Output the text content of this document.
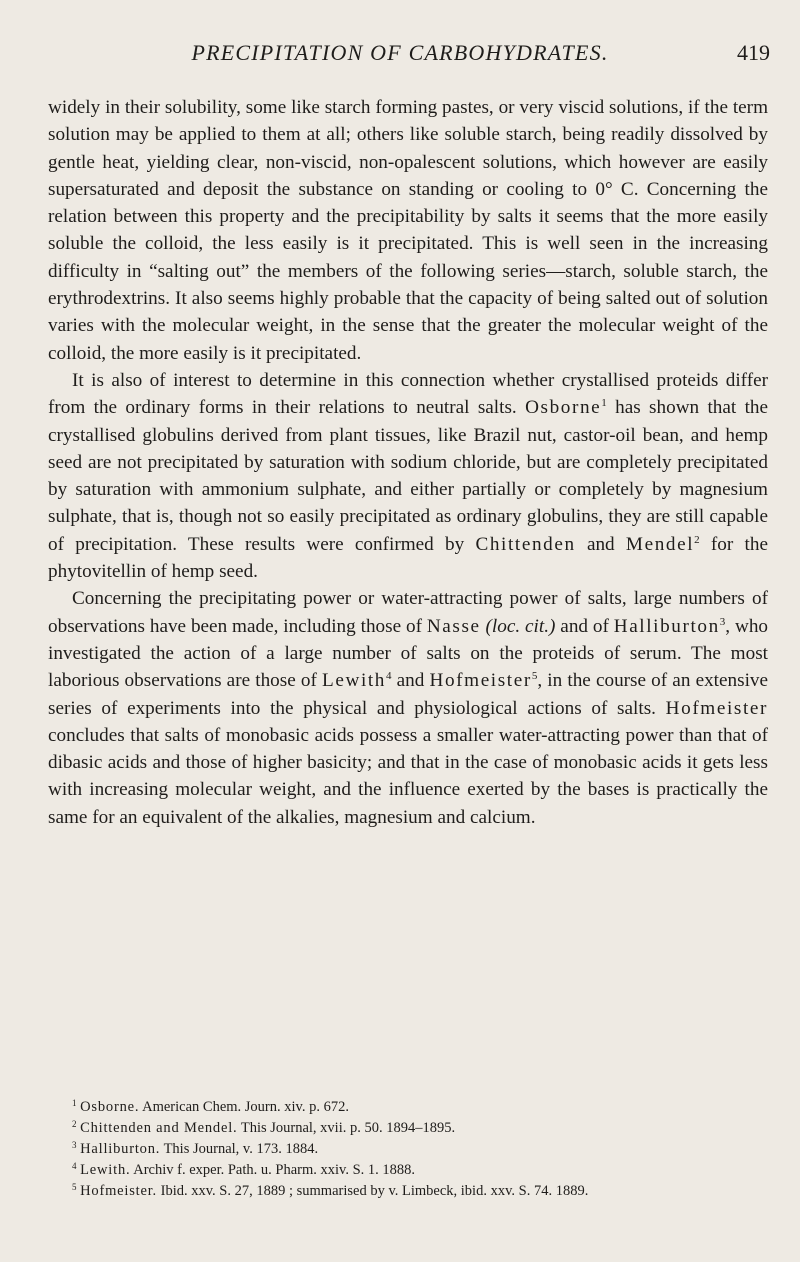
PRECIPITATION OF CARBOHYDRATES.	419

widely in their solubility, some like starch forming pastes, or very viscid solutions, if the term solution may be applied to them at all; others like soluble starch, being readily dissolved by gentle heat, yielding clear, non-viscid, non-opalescent solutions, which however are easily supersaturated and deposit the substance on standing or cooling to 0° C. Concerning the relation between this property and the precipitability by salts it seems that the more easily soluble the colloid, the less easily is it precipitated. This is well seen in the increasing difficulty in “salting out” the members of the following series—starch, soluble starch, the erythrodextrins. It also seems highly probable that the capacity of being salted out of solution varies with the molecular weight, in the sense that the greater the molecular weight of the colloid, the more easily is it precipitated.

It is also of interest to determine in this connection whether crystallised proteids differ from the ordinary forms in their relations to neutral salts. Osborne$^1$ has shown that the crystallised globulins derived from plant tissues, like Brazil nut, castor-oil bean, and hemp seed are not precipitated by saturation with sodium chloride, but are completely precipitated by saturation with ammonium sulphate, and either partially or completely by magnesium sulphate, that is, though not so easily precipitated as ordinary globulins, they are still capable of precipitation. These results were confirmed by Chittenden and Mendel$^2$ for the phytovitellin of hemp seed.

Concerning the precipitating power or water-attracting power of salts, large numbers of observations have been made, including those of Nasse (loc. cit.) and of Halliburton$^3$, who investigated the action of a large number of salts on the proteids of serum. The most laborious observations are those of Lewith$^4$ and Hofmeister$^5$, in the course of an extensive series of experiments into the physical and physiological actions of salts. Hofmeister concludes that salts of monobasic acids possess a smaller water-attracting power than that of dibasic acids and those of higher basicity; and that in the case of monobasic acids it gets less with increasing molecular weight, and the influence exerted by the bases is practically the same for an equivalent of the alkalies, magnesium and calcium.

$^1$ Osborne. American Chem. Journ. xiv. p. 672.

$^2$ Chittenden and Mendel. This Journal, xvii. p. 50. 1894–1895.

$^3$ Halliburton. This Journal, v. 173. 1884.

$^4$ Lewith. Archiv f. exper. Path. u. Pharm. xxiv. S. 1. 1888.

$^5$ Hofmeister. Ibid. xxv. S. 27, 1889 ; summarised by v. Limbeck, ibid. xxv. S. 74. 1889.
